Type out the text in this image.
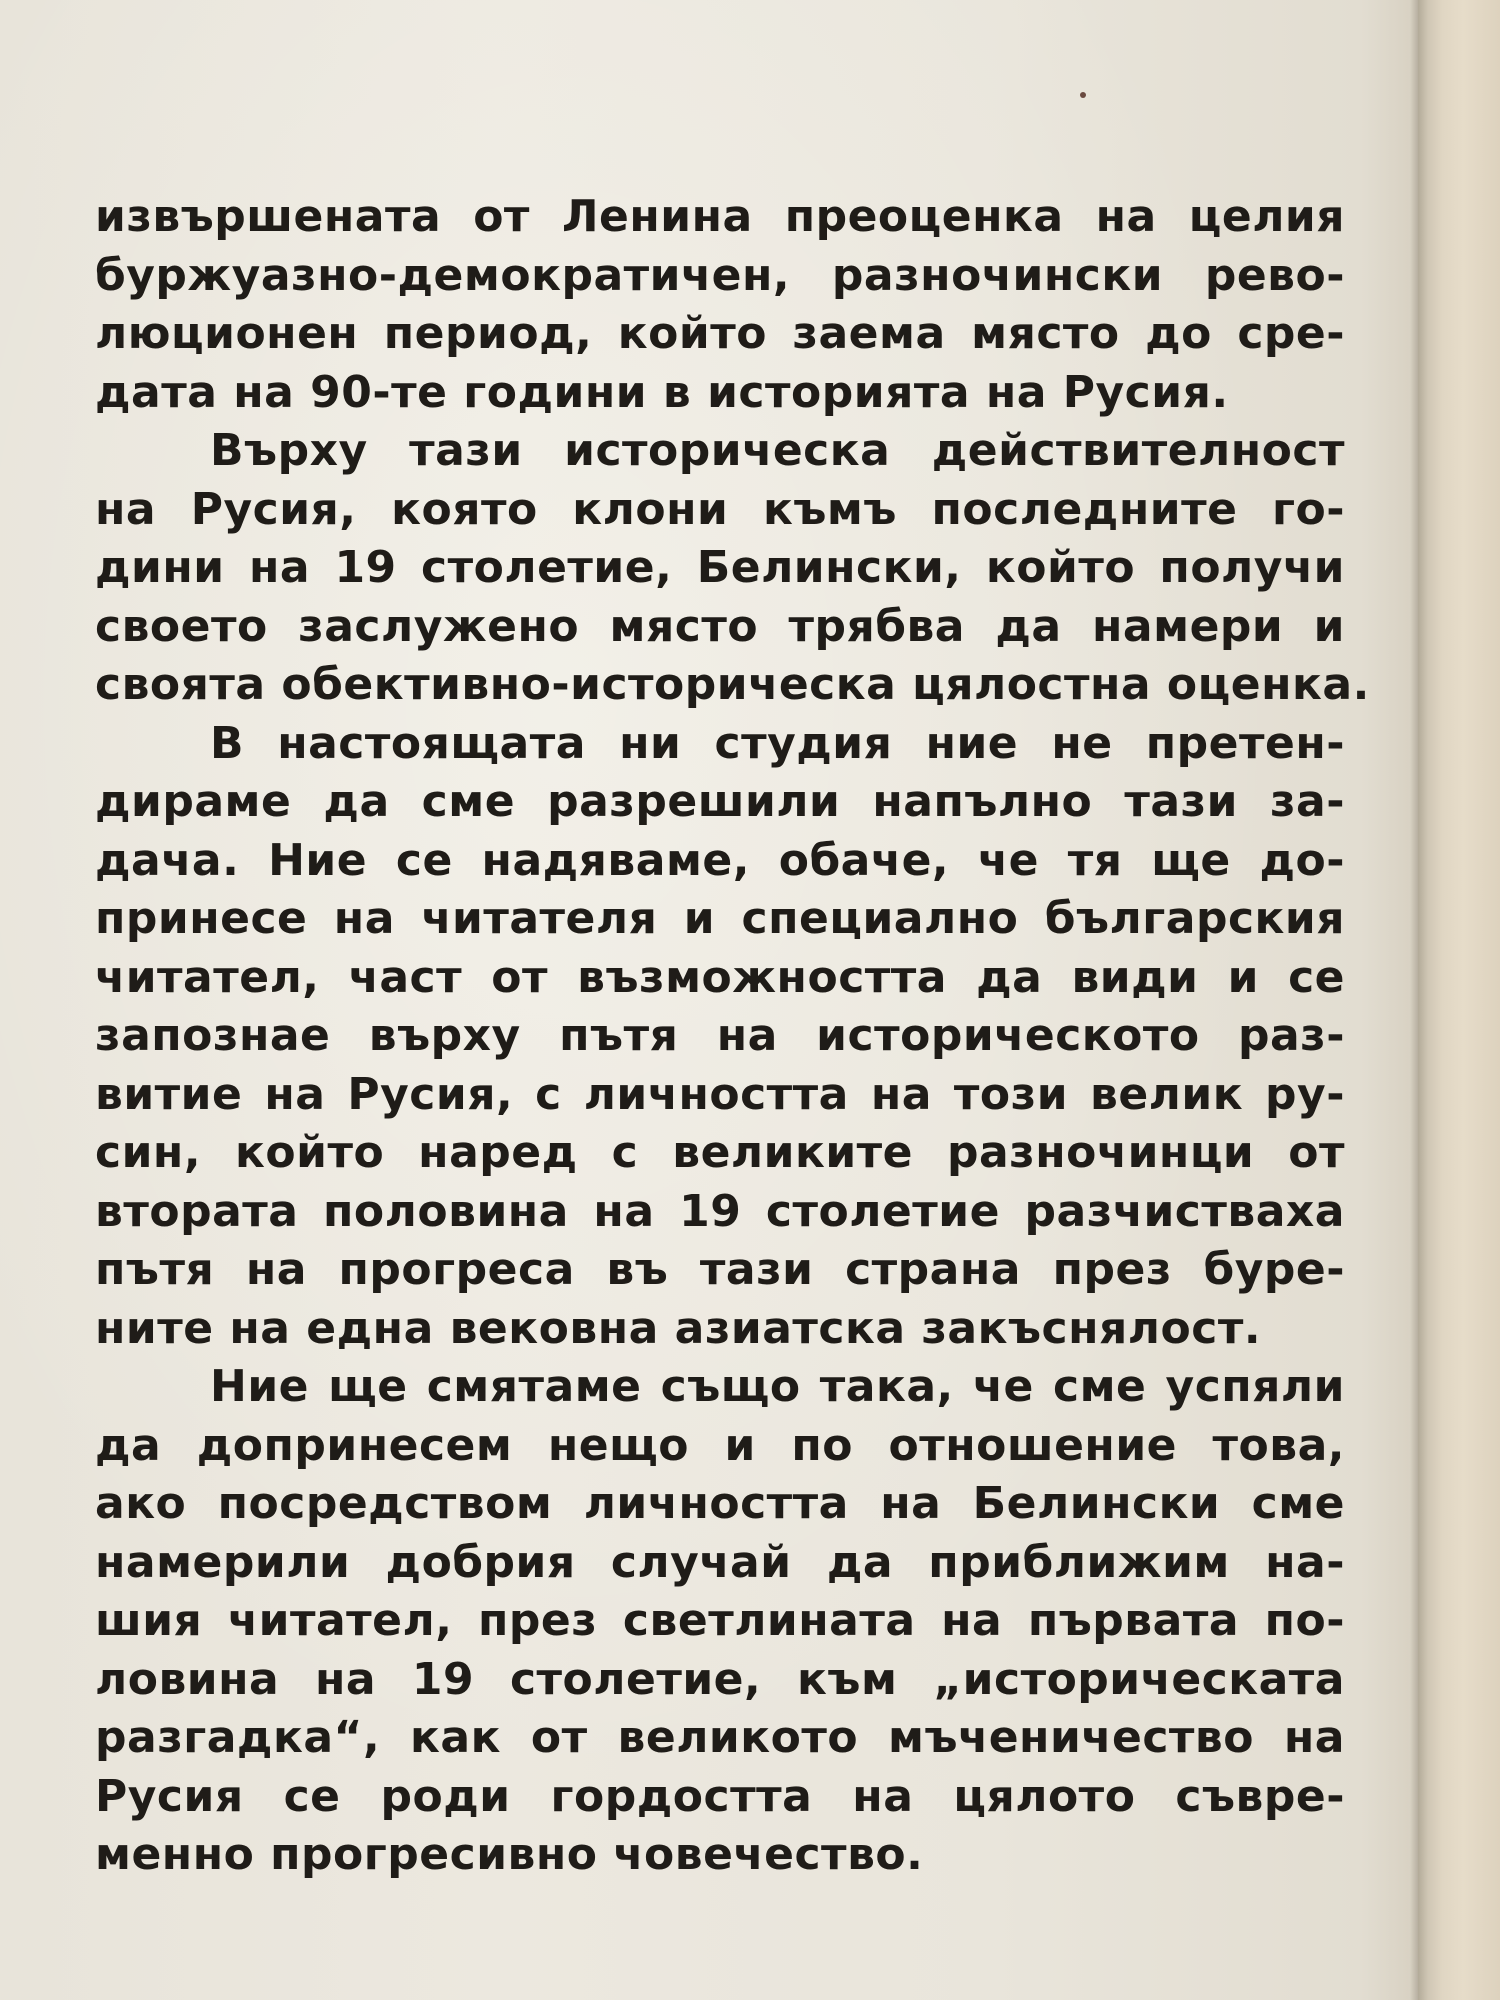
извършената от Ленина преоценка на целия
буржуазно-демократичен, разночински рево-
люционен период, който заема място до сре-
дата на 90-те години в историята на Русия.
Върху тази историческа действителност
на Русия, която клони къмъ последните го-
дини на 19 столетие, Белински, който получи
своето заслужено място трябва да намери и
своята обективно-историческа цялостна оценка.
В настоящата ни студия ние не претен-
дираме да сме разрешили напълно тази за-
дача. Ние се надяваме, обаче, че тя ще до-
принесе на читателя и специално българския
читател, част от възможността да види и се
запознае върху пътя на историческото раз-
витие на Русия, с личността на този велик ру-
син, който наред с великите разночинци от
втората половина на 19 столетие разчистваха
пътя на прогреса въ тази страна през буре-
ните на една вековна азиатска закъснялост.
Ние ще смятаме също така, че сме успяли
да допринесем нещо и по отношение това,
ако посредством личността на Белински сме
намерили добрия случай да приближим на-
шия читател, през светлината на първата по-
ловина на 19 столетие, към „историческата
разгадка“, как от великото мъченичество на
Русия се роди гордостта на цялото съвре-
менно прогресивно човечество.
